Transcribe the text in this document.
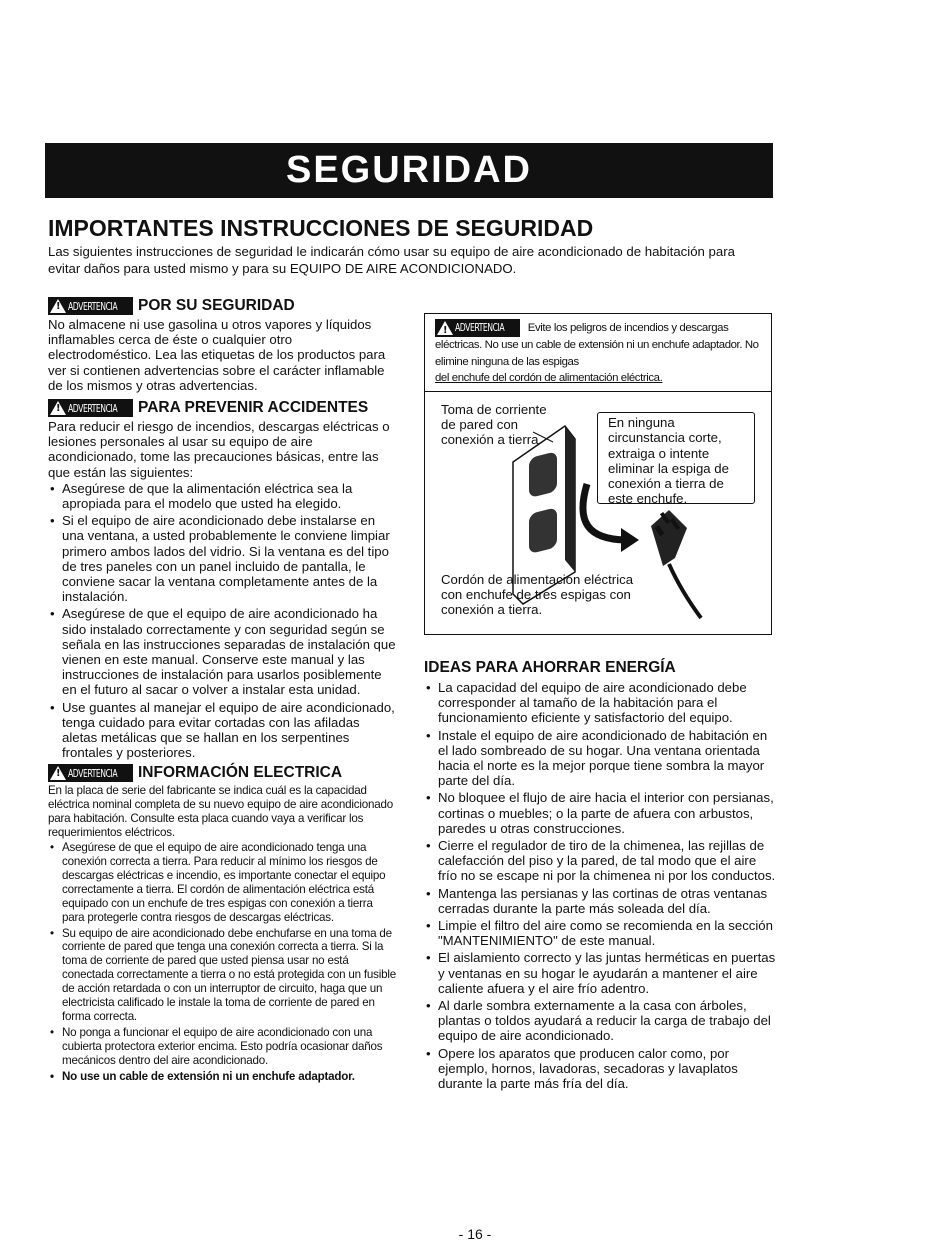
SEGURIDAD
IMPORTANTES INSTRUCCIONES DE SEGURIDAD

Las siguientes instrucciones de seguridad le indicarán cómo usar su equipo de aire acondicionado de habitación para evitar daños para usted mismo y para su EQUIPO DE AIRE ACONDICIONADO.

! ADVERTENCIA POR SU SEGURIDAD

No almacene ni use gasolina u otros vapores y líquidos inflamables cerca de éste o cualquier otro electrodoméstico. Lea las etiquetas de los productos para ver si contienen advertencias sobre el carácter inflamable de los mismos y otras advertencias.

! ADVERTENCIA PARA PREVENIR ACCIDENTES

Para reducir el riesgo de incendios, descargas eléctricas o lesiones personales al usar su equipo de aire acondicionado, tome las precauciones básicas, entre las que están las siguientes:

• Asegúrese de que la alimentación eléctrica sea la apropiada para el modelo que usted ha elegido.
• Si el equipo de aire acondicionado debe instalarse en una ventana, a usted probablemente le conviene limpiar primero ambos lados del vidrio. Si la ventana es del tipo de tres paneles con un panel incluido de pantalla, le conviene sacar la ventana completamente antes de la instalación.
• Asegúrese de que el equipo de aire acondicionado ha sido instalado correctamente y con seguridad según se señala en las instrucciones separadas de instalación que vienen en este manual. Conserve este manual y las instrucciones de instalación para usarlos posiblemente en el futuro al sacar o volver a instalar esta unidad.
• Use guantes al manejar el equipo de aire acondicionado, tenga cuidado para evitar cortadas con las afiladas aletas metálicas que se hallan en los serpentines frontales y posteriores.
! ADVERTENCIA INFORMACIÓN ELECTRICA

En la placa de serie del fabricante se indica cuál es la capacidad eléctrica nominal completa de su nuevo equipo de aire acondicionado para habitación. Consulte esta placa cuando vaya a verificar los requerimientos eléctricos.

• Asegúrese de que el equipo de aire acondicionado tenga una conexión correcta a tierra. Para reducir al mínimo los riesgos de descargas eléctricas e incendio, es importante conectar el equipo correctamente a tierra. El cordón de alimentación eléctrica está equipado con un enchufe de tres espigas con conexión a tierra para protegerle contra riesgos de descargas eléctricas.
• Su equipo de aire acondicionado debe enchufarse en una toma de corriente de pared que tenga una conexión correcta a tierra. Si la toma de corriente de pared que usted piensa usar no está conectada correctamente a tierra o no está protegida con un fusible de acción retardada o con un interruptor de circuito, haga que un electricista calificado le instale la toma de corriente de pared en forma correcta.
• No ponga a funcionar el equipo de aire acondicionado con una cubierta protectora exterior encima. Esto podría ocasionar daños mecánicos dentro del aire acondicionado.
• No use un cable de extensión ni un enchufe adaptador.
! ADVERTENCIA Evite los peligros de incendios y descargas eléctricas. No use un cable de extensión ni un enchufe adaptador. No elimine ninguna de las espigas
del enchufe del cordón de alimentación eléctrica.
Toma de corriente de pared con conexión a tierra.
En ninguna circunstancia corte, extraiga o intente eliminar la espiga de conexión a tierra de este enchufe.
Cordón de alimentación eléctrica con enchufe de tres espigas con conexión a tierra.
IDEAS PARA AHORRAR ENERGÍA
• La capacidad del equipo de aire acondicionado debe corresponder al tamaño de la habitación para el funcionamiento eficiente y satisfactorio del equipo.
• Instale el equipo de aire acondicionado de habitación en el lado sombreado de su hogar. Una ventana orientada hacia el norte es la mejor porque tiene sombra la mayor parte del día.
• No bloquee el flujo de aire hacia el interior con persianas, cortinas o muebles; o la parte de afuera con arbustos, paredes u otras construcciones.
• Cierre el regulador de tiro de la chimenea, las rejillas de calefacción del piso y la pared, de tal modo que el aire frío no se escape ni por la chimenea ni por los conductos.
• Mantenga las persianas y las cortinas de otras ventanas cerradas durante la parte más soleada del día.
• Limpie el filtro del aire como se recomienda en la sección "MANTENIMIENTO" de este manual.
• El aislamiento correcto y las juntas herméticas en puertas y ventanas en su hogar le ayudarán a mantener el aire caliente afuera y el aire frío adentro.
• Al darle sombra externamente a la casa con árboles, plantas o toldos ayudará a reducir la carga de trabajo del equipo de aire acondicionado.
• Opere los aparatos que producen calor como, por ejemplo, hornos, lavadoras, secadoras y lavaplatos durante la parte más fría del día.
- 16 -
